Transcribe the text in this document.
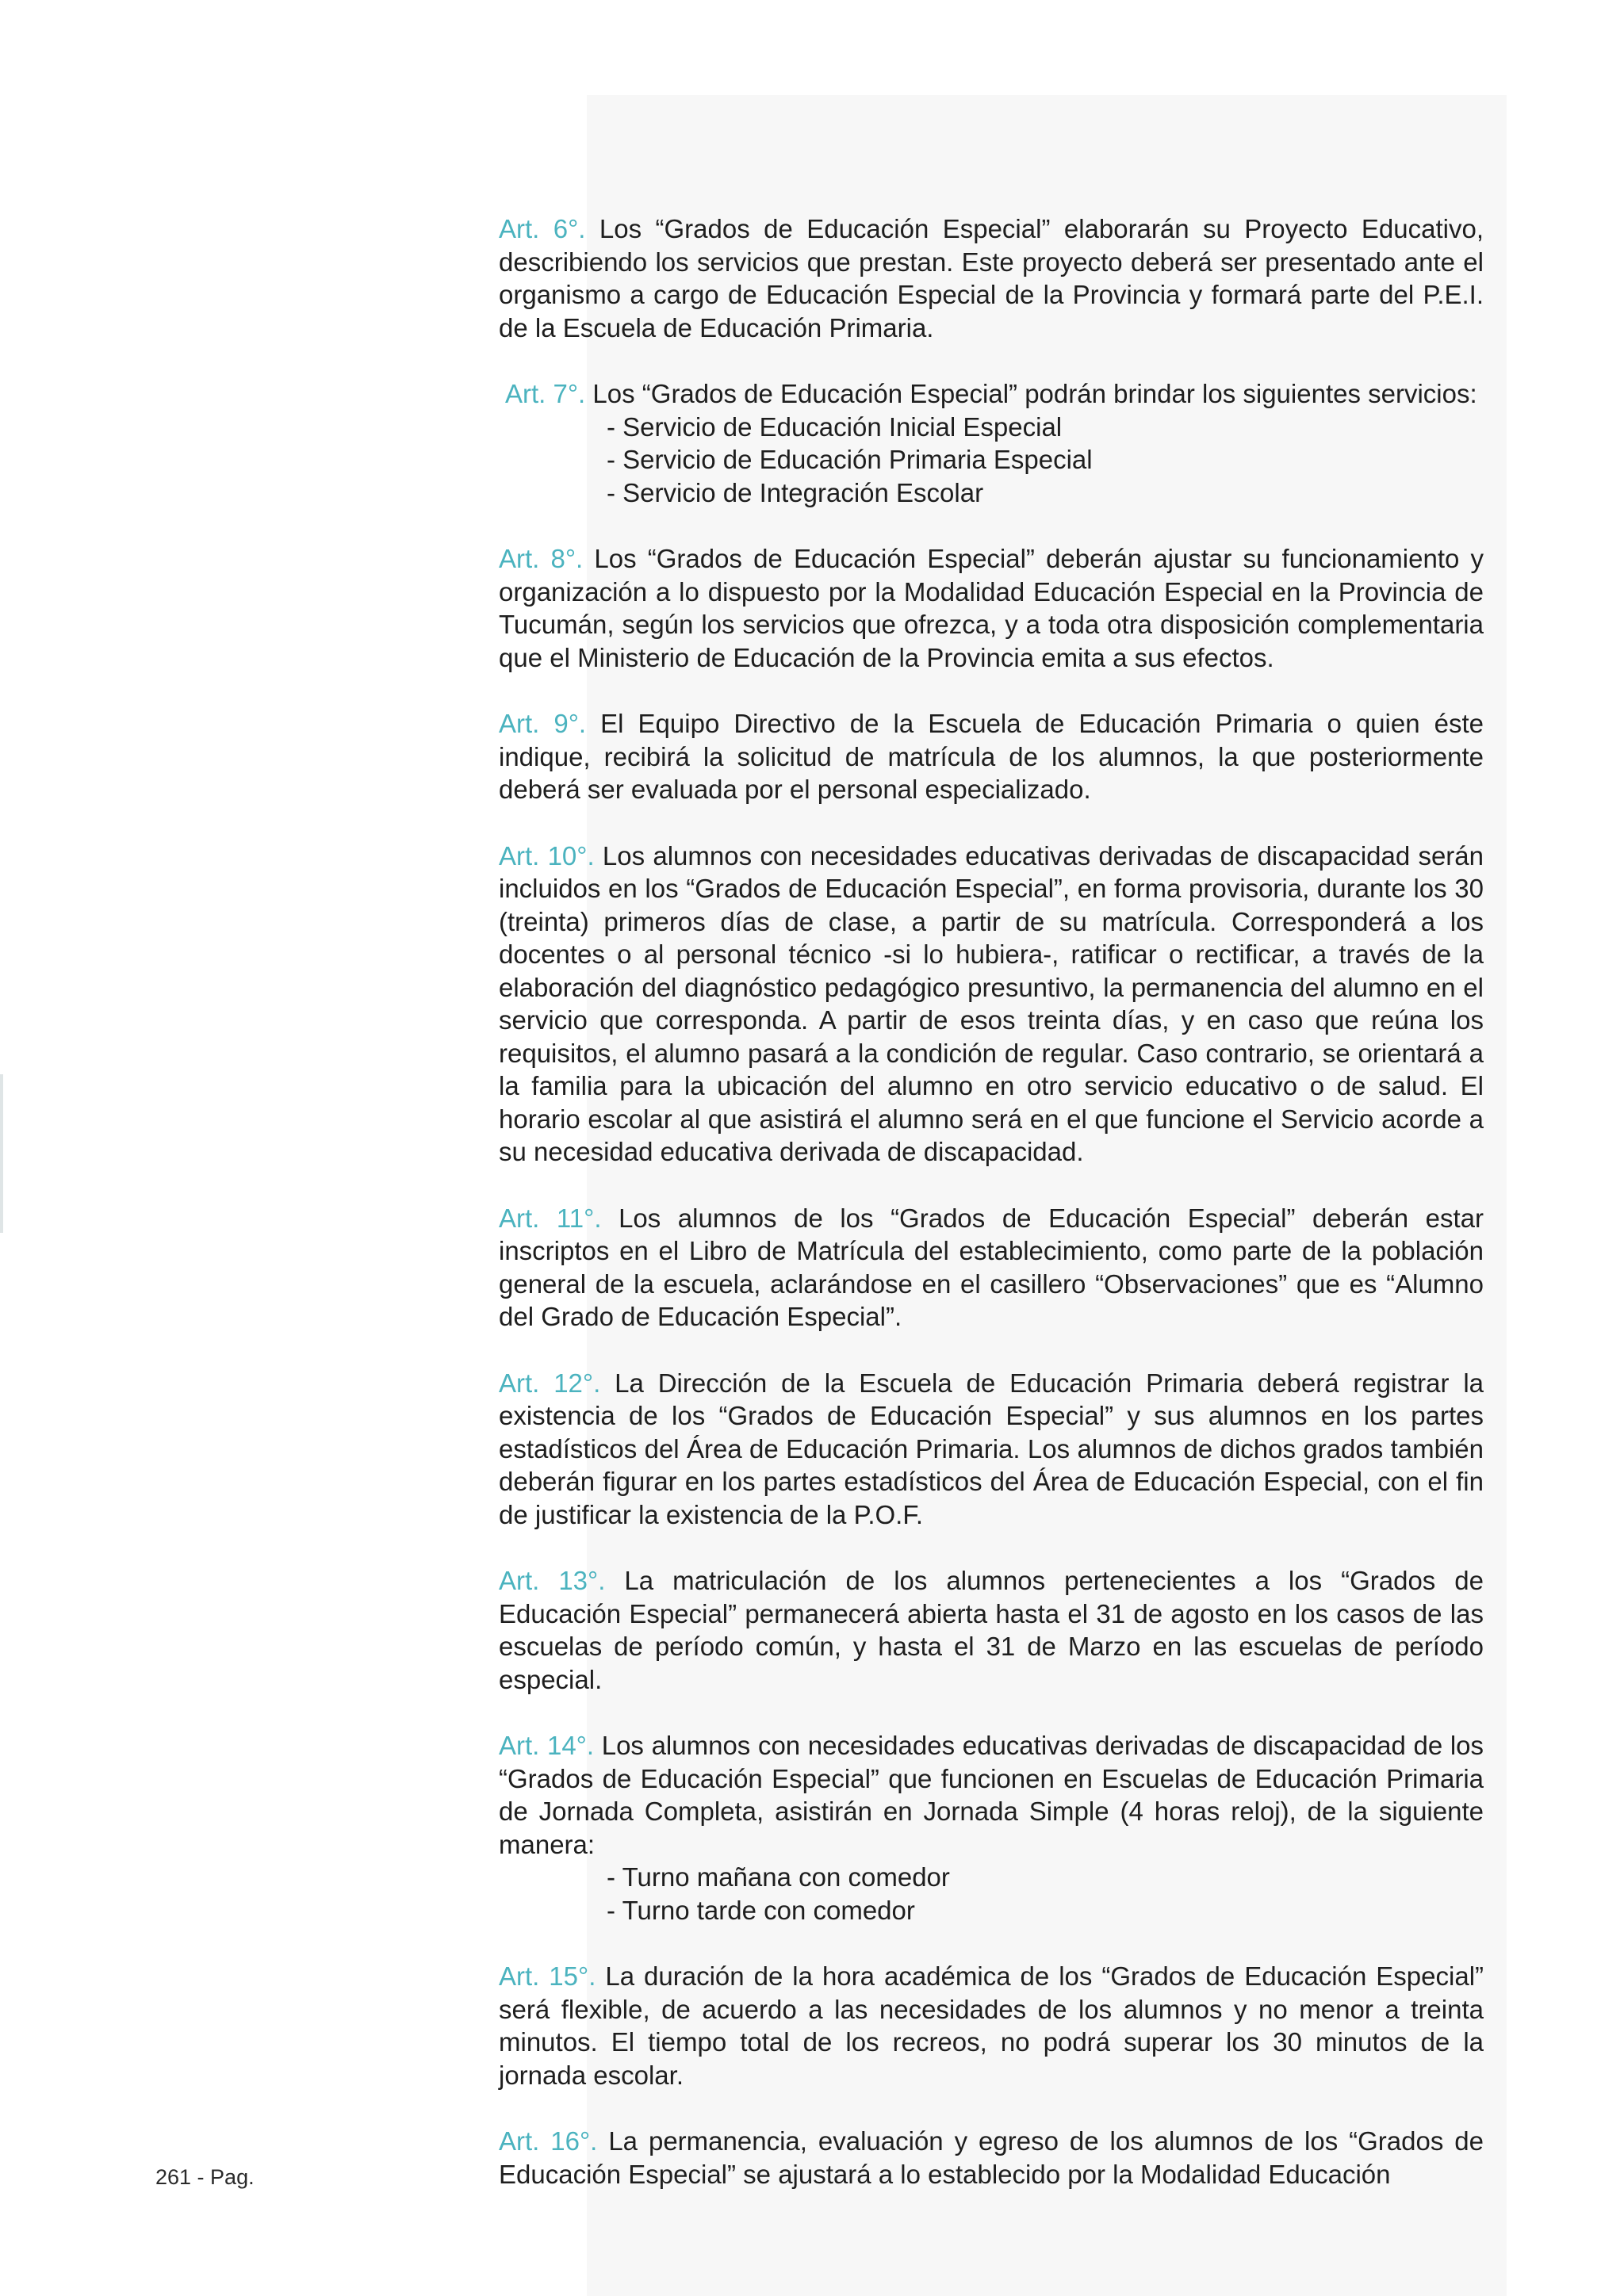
Art. 6°. Los “Grados de Educación Especial” elaborarán su Proyecto Educativo, describiendo los servicios que prestan. Este proyecto deberá ser presentado ante el organismo a cargo de Educación Especial de la Provincia y formará parte del P.E.I. de la Escuela de Educación Primaria.

Art. 7°. Los “Grados de Educación Especial” podrán brindar los siguientes servicios:
- Servicio de Educación Inicial Especial
- Servicio de Educación Primaria Especial
- Servicio de Integración Escolar

Art. 8°. Los “Grados de Educación Especial” deberán ajustar su funcionamiento y organización a lo dispuesto por la Modalidad Educación Especial en la Provincia de Tucumán, según los servicios que ofrezca, y a toda otra disposición complementaria que el Ministerio de Educación de la Provincia emita a sus efectos.

Art. 9°. El Equipo Directivo de la Escuela de Educación Primaria o quien éste indique, recibirá la solicitud de matrícula de los alumnos, la que posteriormente deberá ser evaluada por el personal especializado.

Art. 10°. Los alumnos con necesidades educativas derivadas de discapacidad serán incluidos en los “Grados de Educación Especial”, en forma provisoria, durante los 30 (treinta) primeros días de clase, a partir de su matrícula. Corresponderá a los docentes o al personal técnico -si lo hubiera-, ratificar o rectificar, a través de la elaboración del diagnóstico pedagógico presuntivo, la permanencia del alumno en el servicio que corresponda. A partir de esos treinta días, y en caso que reúna los requisitos, el alumno pasará a la condición de regular. Caso contrario, se orientará a la familia para la ubicación del alumno en otro servicio educativo o de salud. El horario escolar al que asistirá el alumno será en el que funcione el Servicio acorde a su necesidad educativa derivada de discapacidad.

Art. 11°. Los alumnos de los “Grados de Educación Especial” deberán estar inscriptos en el Libro de Matrícula del establecimiento, como parte de la población general de la escuela, aclarándose en el casillero “Observaciones” que es “Alumno del Grado de Educación Especial”.

Art. 12°. La Dirección de la Escuela de Educación Primaria deberá registrar la existencia de los “Grados de Educación Especial” y sus alumnos en los partes estadísticos del Área de Educación Primaria. Los alumnos de dichos grados también deberán figurar en los partes estadísticos del Área de Educación Especial, con el fin de justificar la existencia de la P.O.F.

Art. 13°. La matriculación de los alumnos pertenecientes a los “Grados de Educación Especial” permanecerá abierta hasta el 31 de agosto en los casos de las escuelas de período común, y hasta el 31 de Marzo en las escuelas de período especial.

Art. 14°. Los alumnos con necesidades educativas derivadas de discapacidad de los “Grados de Educación Especial” que funcionen en Escuelas de Educación Primaria de Jornada Completa, asistirán en Jornada Simple (4 horas reloj), de la siguiente manera:
- Turno mañana con comedor
- Turno tarde con comedor

Art. 15°. La duración de la hora académica de los “Grados de Educación Especial” será flexible, de acuerdo a las necesidades de los alumnos y no menor a treinta minutos. El tiempo total de los recreos, no podrá superar los 30 minutos de la jornada escolar.

Art. 16°. La permanencia, evaluación y egreso de los alumnos de los “Grados de Educación Especial” se ajustará a lo establecido por la Modalidad Educación

261 - Pag.
